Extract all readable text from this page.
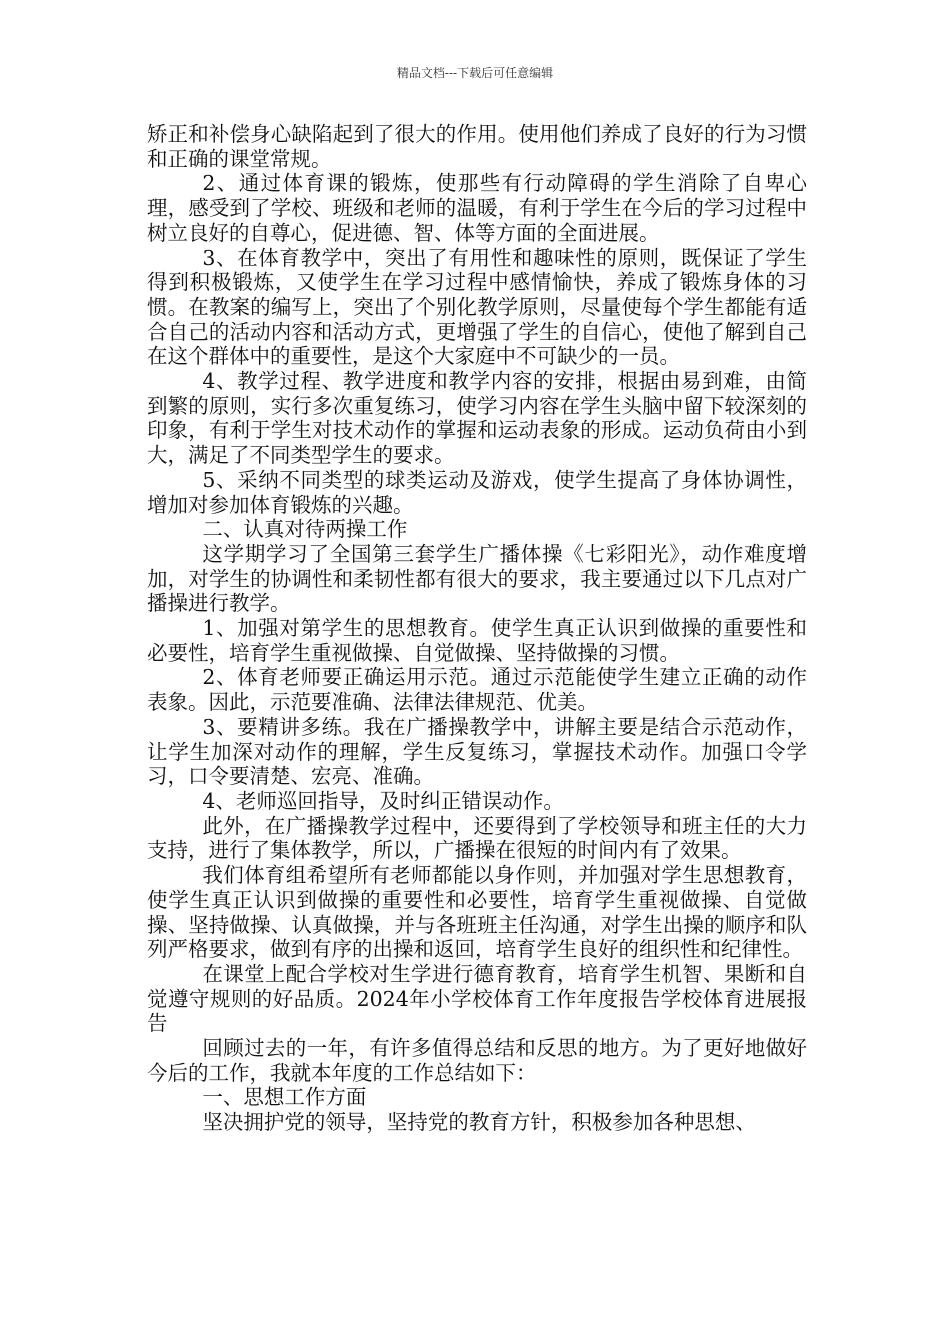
精品文档---下载后可任意编辑

矫正和补偿身心缺陷起到了很大的作用。使用他们养成了良好的行为习惯和正确的课堂常规。

2、通过体育课的锻炼，使那些有行动障碍的学生消除了自卑心理，感受到了学校、班级和老师的温暖，有利于学生在今后的学习过程中树立良好的自尊心，促进德、智、体等方面的全面进展。

3、在体育教学中，突出了有用性和趣味性的原则，既保证了学生得到积极锻炼，又使学生在学习过程中感情愉快，养成了锻炼身体的习惯。在教案的编写上，突出了个别化教学原则，尽量使每个学生都能有适合自己的活动内容和活动方式，更增强了学生的自信心，使他了解到自己在这个群体中的重要性，是这个大家庭中不可缺少的一员。

4、教学过程、教学进度和教学内容的安排，根据由易到难，由简到繁的原则，实行多次重复练习，使学习内容在学生头脑中留下较深刻的印象，有利于学生对技术动作的掌握和运动表象的形成。运动负荷由小到大，满足了不同类型学生的要求。

5、采纳不同类型的球类运动及游戏，使学生提高了身体协调性，增加对参加体育锻炼的兴趣。

二、认真对待两操工作

这学期学习了全国第三套学生广播体操《七彩阳光》，动作难度增加，对学生的协调性和柔韧性都有很大的要求，我主要通过以下几点对广播操进行教学。

1、加强对第学生的思想教育。使学生真正认识到做操的重要性和必要性，培育学生重视做操、自觉做操、坚持做操的习惯。

2、体育老师要正确运用示范。通过示范能使学生建立正确的动作表象。因此，示范要准确、法律法律规范、优美。

3、要精讲多练。我在广播操教学中，讲解主要是结合示范动作，让学生加深对动作的理解，学生反复练习，掌握技术动作。加强口令学习，口令要清楚、宏亮、准确。

4、老师巡回指导，及时纠正错误动作。

此外，在广播操教学过程中，还要得到了学校领导和班主任的大力支持，进行了集体教学，所以，广播操在很短的时间内有了效果。

我们体育组希望所有老师都能以身作则，并加强对学生思想教育，使学生真正认识到做操的重要性和必要性，培育学生重视做操、自觉做操、坚持做操、认真做操，并与各班班主任沟通，对学生出操的顺序和队列严格要求，做到有序的出操和返回，培育学生良好的组织性和纪律性。

在课堂上配合学校对生学进行德育教育，培育学生机智、果断和自觉遵守规则的好品质。2024年小学校体育工作年度报告学校体育进展报告

回顾过去的一年，有许多值得总结和反思的地方。为了更好地做好今后的工作，我就本年度的工作总结如下：

一、思想工作方面

坚决拥护党的领导，坚持党的教育方针，积极参加各种思想、
